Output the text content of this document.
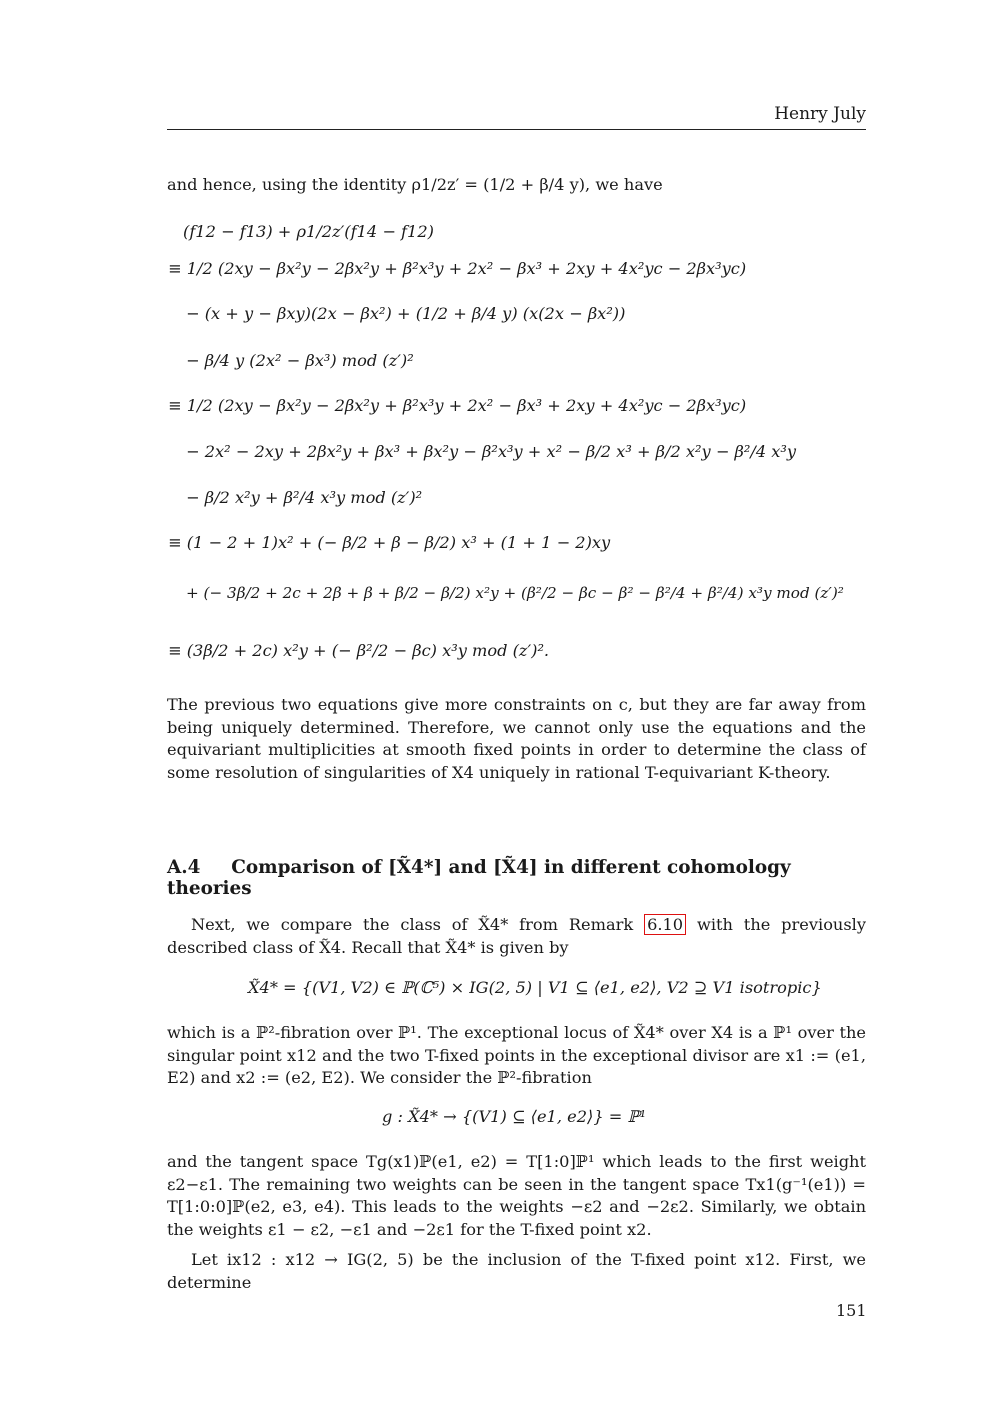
Henry July
and hence, using the identity ρ1/2z′ = (1/2 + β/4 y), we have
(f12 − f13) + ρ1/2z′(f14 − f12)
≡ 1/2 (2xy − βx²y − 2βx²y + β²x³y + 2x² − βx³ + 2xy + 4x²yc − 2βx³yc)
− (x + y − βxy)(2x − βx²) + (1/2 + β/4 y) (x(2x − βx²))
− β/4 y (2x² − βx³) mod (z′)²
≡ 1/2 (2xy − βx²y − 2βx²y + β²x³y + 2x² − βx³ + 2xy + 4x²yc − 2βx³yc)
− 2x² − 2xy + 2βx²y + βx³ + βx²y − β²x³y + x² − β/2 x³ + β/2 x²y − β²/4 x³y
− β/2 x²y + β²/4 x³y mod (z′)²
≡ (1 − 2 + 1)x² + (− β/2 + β − β/2) x³ + (1 + 1 − 2)xy
+ (− 3β/2 + 2c + 2β + β + β/2 − β/2) x²y + (β²/2 − βc − β² − β²/4 + β²/4) x³y mod (z′)²
≡ (3β/2 + 2c) x²y + (− β²/2 − βc) x³y mod (z′)².
The previous two equations give more constraints on c, but they are far away from being uniquely determined. Therefore, we cannot only use the equations and the equivariant multiplicities at smooth fixed points in order to determine the class of some resolution of singularities of X4 uniquely in rational T-equivariant K-theory.
A.4 Comparison of [X̃4*] and [X̃4] in different cohomology theories
Next, we compare the class of X̃4* from Remark 6.10 with the previously described class of X̃4. Recall that X̃4* is given by
X̃4* = {(V1, V2) ∈ ℙ(ℂ⁵) × IG(2, 5) | V1 ⊆ ⟨e1, e2⟩, V2 ⊇ V1 isotropic}
which is a ℙ²-fibration over ℙ¹. The exceptional locus of X̃4* over X4 is a ℙ¹ over the singular point x12 and the two T-fixed points in the exceptional divisor are x1 := (e1, E2) and x2 := (e2, E2). We consider the ℙ²-fibration
g : X̃4* → {(V1) ⊆ ⟨e1, e2⟩} = ℙ¹
and the tangent space Tg(x1)ℙ(e1, e2) = T[1:0]ℙ¹ which leads to the first weight ε2−ε1. The remaining two weights can be seen in the tangent space Tx1(g⁻¹(e1)) = T[1:0:0]ℙ(e2, e3, e4). This leads to the weights −ε2 and −2ε2. Similarly, we obtain the weights ε1 − ε2, −ε1 and −2ε1 for the T-fixed point x2.
Let ix12 : x12 → IG(2, 5) be the inclusion of the T-fixed point x12. First, we determine
151
